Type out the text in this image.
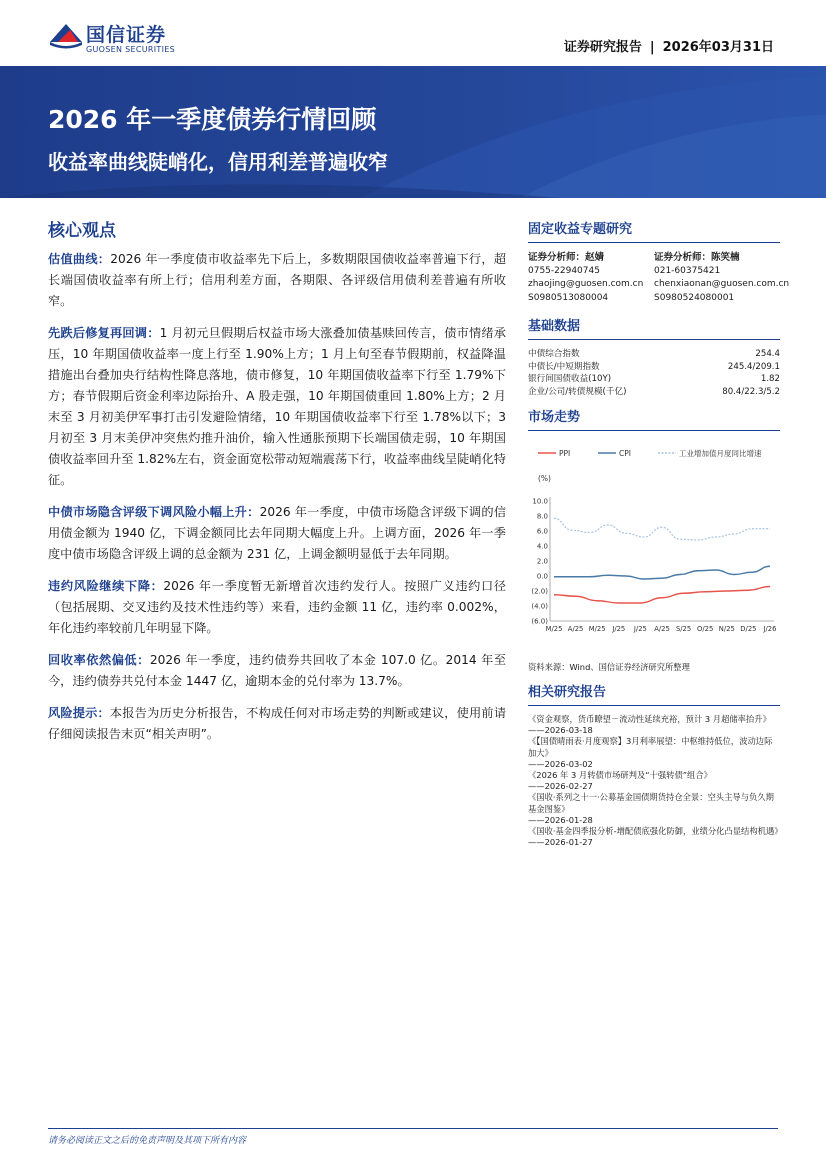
国信证券
GUOSEN SECURITIES	证券研究报告 | 2026年03月31日
2026 年一季度债券行情回顾
收益率曲线陡峭化，信用利差普遍收窄
核心观点

估值曲线：2026 年一季度债市收益率先下后上，多数期限国债收益率普遍下行，超长端国债收益率有所上行；信用利差方面，各期限、各评级信用债利差普遍有所收窄。

先跌后修复再回调：1 月初元旦假期后权益市场大涨叠加债基赎回传言，债市情绪承压，10 年期国债收益率一度上行至 1.90%上方；1 月上旬至春节假期前，权益降温措施出台叠加央行结构性降息落地，债市修复，10 年期国债收益率下行至 1.79%下方；春节假期后资金利率边际抬升、A 股走强，10 年期国债重回 1.80%上方；2 月末至 3 月初美伊军事打击引发避险情绪，10 年期国债收益率下行至 1.78%以下；3 月初至 3 月末美伊冲突焦灼推升油价，输入性通胀预期下长端国债走弱，10 年期国债收益率回升至 1.82%左右，资金面宽松带动短端震荡下行，收益率曲线呈陡峭化特征。

中债市场隐含评级下调风险小幅上升：2026 年一季度，中债市场隐含评级下调的信用债金额为 1940 亿，下调金额同比去年同期大幅度上升。上调方面，2026 年一季度中债市场隐含评级上调的总金额为 231 亿，上调金额明显低于去年同期。

违约风险继续下降：2026 年一季度暂无新增首次违约发行人。按照广义违约口径（包括展期、交叉违约及技术性违约等）来看，违约金额 11 亿，违约率 0.002%，年化违约率较前几年明显下降。

回收率依然偏低：2026 年一季度，违约债券共回收了本金 107.0 亿。2014 年至今，违约债券共兑付本金 1447 亿，逾期本金的兑付率为 13.7%。

风险提示：本报告为历史分析报告，不构成任何对市场走势的判断或建议，使用前请仔细阅读报告末页“相关声明”。

固定收益专题研究
证券分析师：赵婧
0755-22940745
zhaojing@guosen.com.cn
S0980513080004
证券分析师：陈笑楠
021-60375421
chenxiaonan@guosen.com.cn
S0980524080001
基础数据
中债综合指数	254.4
中债长/中短期指数	245.4/209.1
银行间国债收益(10Y)	1.82
企业/公司/转债规模(千亿)	80.4/22.3/5.2
市场走势
PPI	CPI	工业增加值月度同比增速
(%)
10.0
8.0
6.0
4.0
2.0
0.0
(2.0)
(4.0)
(6.0)
M/25 A/25 M/25 J/25 J/25 A/25 S/25 O/25 N/25 D/25 J/26
资料来源：Wind、国信证券经济研究所整理
相关研究报告
《资金观察，货币瞭望－流动性延续充裕，预计 3 月超储率抬升》
——2026-03-18
《【国债晴雨表·月度观察】3月利率展望：中枢维持低位，波动边际加大》
——2026-03-02
《2026 年 3 月转债市场研判及“十强转债”组合》
——2026-02-27
《国收·系列之十一·公募基金国债期货持仓全景：空头主导与负久期基金图鉴》
——2026-01-28
《国收·基金四季报分析-增配债底强化防御，业绩分化凸显结构机遇》
——2026-01-27
请务必阅读正文之后的免责声明及其项下所有内容
